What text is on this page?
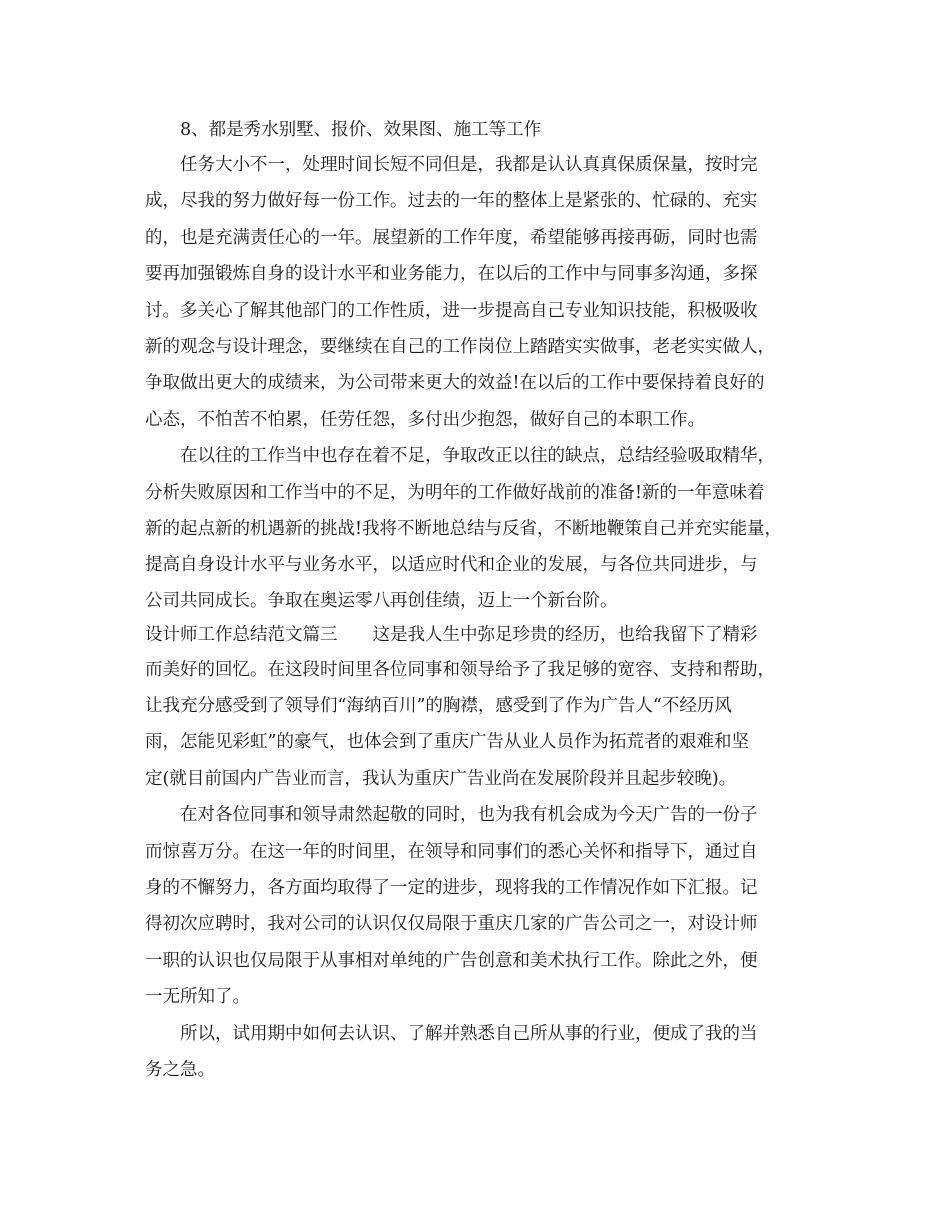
8、都是秀水别墅、报价、效果图、施工等工作
任务大小不一，处理时间长短不同但是，我都是认认真真保质保量，按时完
成，尽我的努力做好每一份工作。过去的一年的整体上是紧张的、忙碌的、充实
的，也是充满责任心的一年。展望新的工作年度，希望能够再接再砺，同时也需
要再加强锻炼自身的设计水平和业务能力，在以后的工作中与同事多沟通，多探
讨。多关心了解其他部门的工作性质，进一步提高自己专业知识技能，积极吸收
新的观念与设计理念，要继续在自己的工作岗位上踏踏实实做事，老老实实做人，
争取做出更大的成绩来，为公司带来更大的效益!在以后的工作中要保持着良好的
心态，不怕苦不怕累，任劳任怨，多付出少抱怨，做好自己的本职工作。
在以往的工作当中也存在着不足，争取改正以往的缺点，总结经验吸取精华，
分析失败原因和工作当中的不足，为明年的工作做好战前的准备!新的一年意味着
新的起点新的机遇新的挑战!我将不断地总结与反省，不断地鞭策自己并充实能量，
提高自身设计水平与业务水平，以适应时代和企业的发展，与各位共同进步，与
公司共同成长。争取在奥运零八再创佳绩，迈上一个新台阶。
设计师工作总结范文篇三　　这是我人生中弥足珍贵的经历，也给我留下了精彩
而美好的回忆。在这段时间里各位同事和领导给予了我足够的宽容、支持和帮助，
让我充分感受到了领导们“海纳百川”的胸襟，感受到了作为广告人“不经历风
雨，怎能见彩虹”的豪气，也体会到了重庆广告从业人员作为拓荒者的艰难和坚
定(就目前国内广告业而言，我认为重庆广告业尚在发展阶段并且起步较晚)。
在对各位同事和领导肃然起敬的同时，也为我有机会成为今天广告的一份子
而惊喜万分。在这一年的时间里，在领导和同事们的悉心关怀和指导下，通过自
身的不懈努力，各方面均取得了一定的进步，现将我的工作情况作如下汇报。记
得初次应聘时，我对公司的认识仅仅局限于重庆几家的广告公司之一，对设计师
一职的认识也仅局限于从事相对单纯的广告创意和美术执行工作。除此之外，便
一无所知了。
所以，试用期中如何去认识、了解并熟悉自己所从事的行业，便成了我的当
务之急。
